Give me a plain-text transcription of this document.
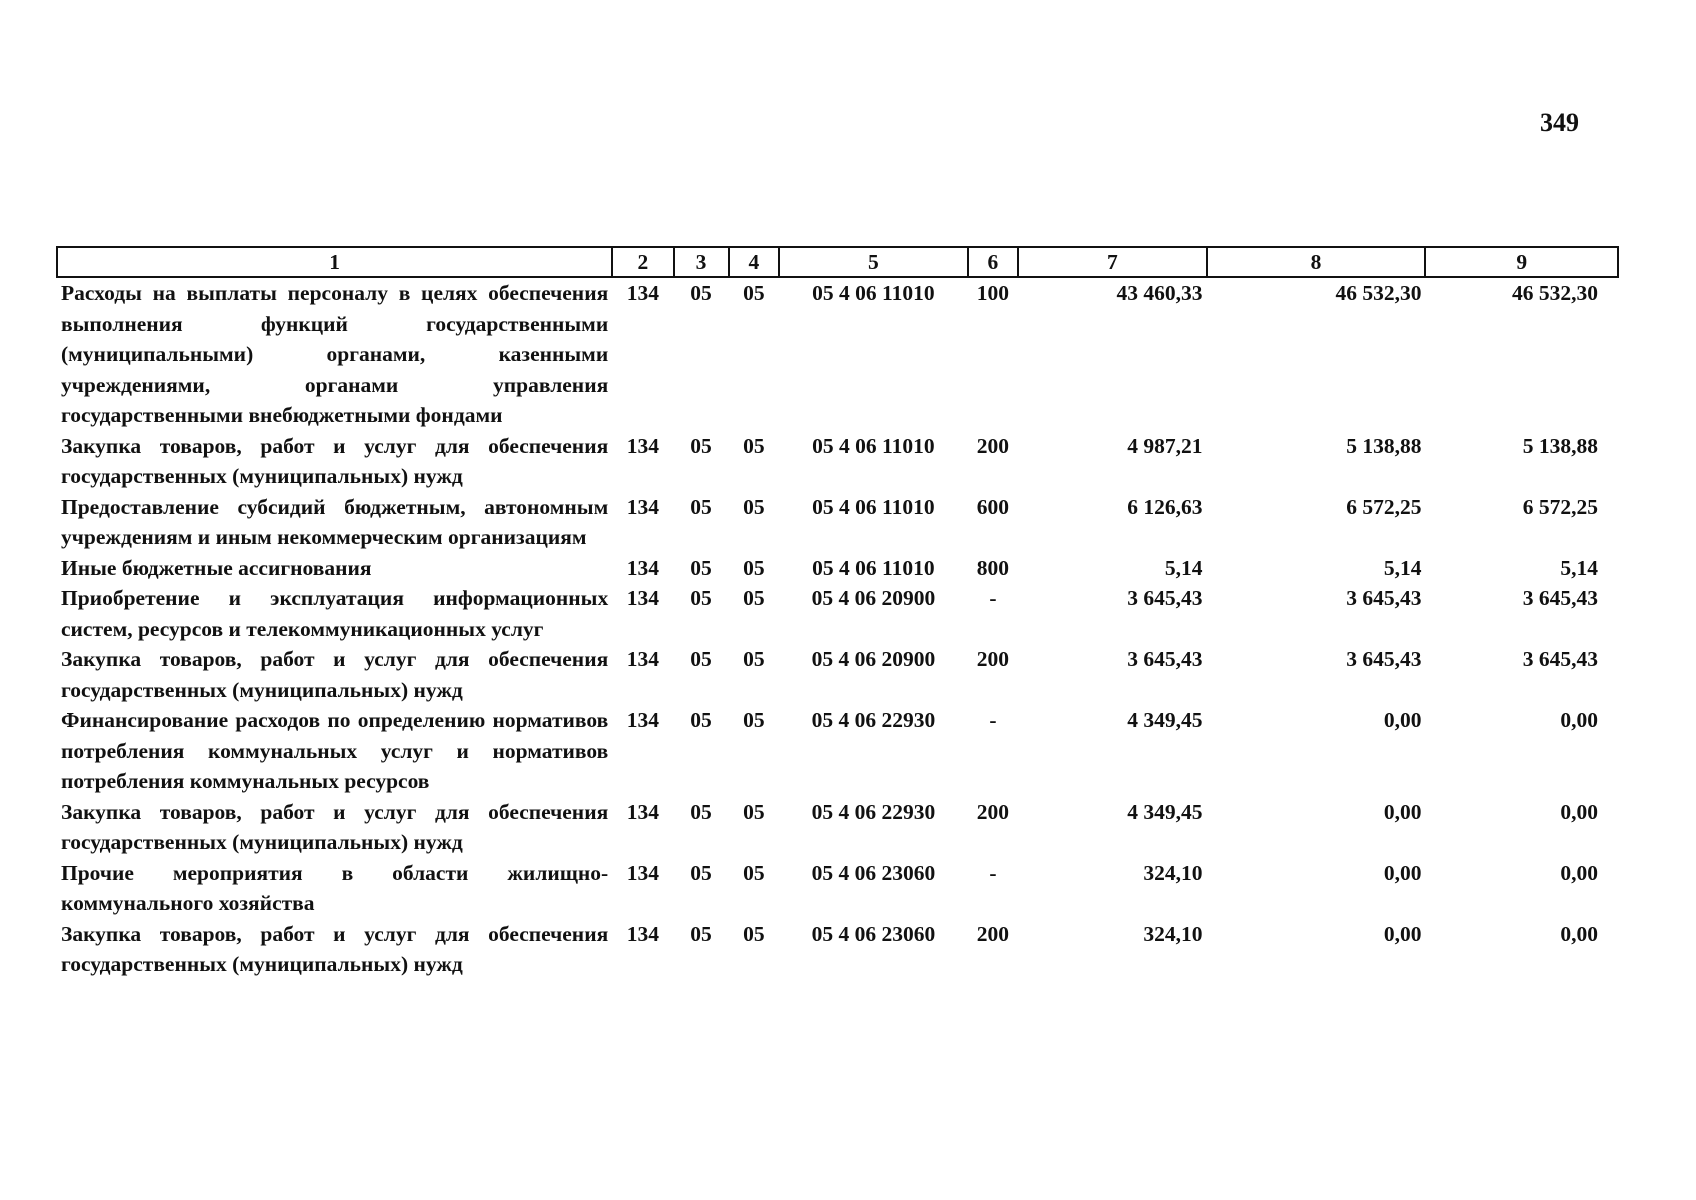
349
1	2	3	4	5	6	7	8	9
Расходы на выплаты персоналу в целях обеспечения выполнения функций государственными (муниципальными) органами, казенными учреждениями, органами управления государственными внебюджетными фондами	134	05	05	05 4 06 11010	100	43 460,33	46 532,30	46 532,30
Закупка товаров, работ и услуг для обеспечения государственных (муниципальных) нужд	134	05	05	05 4 06 11010	200	4 987,21	5 138,88	5 138,88
Предоставление субсидий бюджетным, автономным учреждениям и иным некоммерческим организациям	134	05	05	05 4 06 11010	600	6 126,63	6 572,25	6 572,25
Иные бюджетные ассигнования	134	05	05	05 4 06 11010	800	5,14	5,14	5,14
Приобретение и эксплуатация информационных систем, ресурсов и телекоммуникационных услуг	134	05	05	05 4 06 20900	-	3 645,43	3 645,43	3 645,43
Закупка товаров, работ и услуг для обеспечения государственных (муниципальных) нужд	134	05	05	05 4 06 20900	200	3 645,43	3 645,43	3 645,43
Финансирование расходов по определению нормативов потребления коммунальных услуг и нормативов потребления коммунальных ресурсов	134	05	05	05 4 06 22930	-	4 349,45	0,00	0,00
Закупка товаров, работ и услуг для обеспечения государственных (муниципальных) нужд	134	05	05	05 4 06 22930	200	4 349,45	0,00	0,00
Прочие мероприятия в области жилищно-коммунального хозяйства	134	05	05	05 4 06 23060	-	324,10	0,00	0,00
Закупка товаров, работ и услуг для обеспечения государственных (муниципальных) нужд	134	05	05	05 4 06 23060	200	324,10	0,00	0,00
